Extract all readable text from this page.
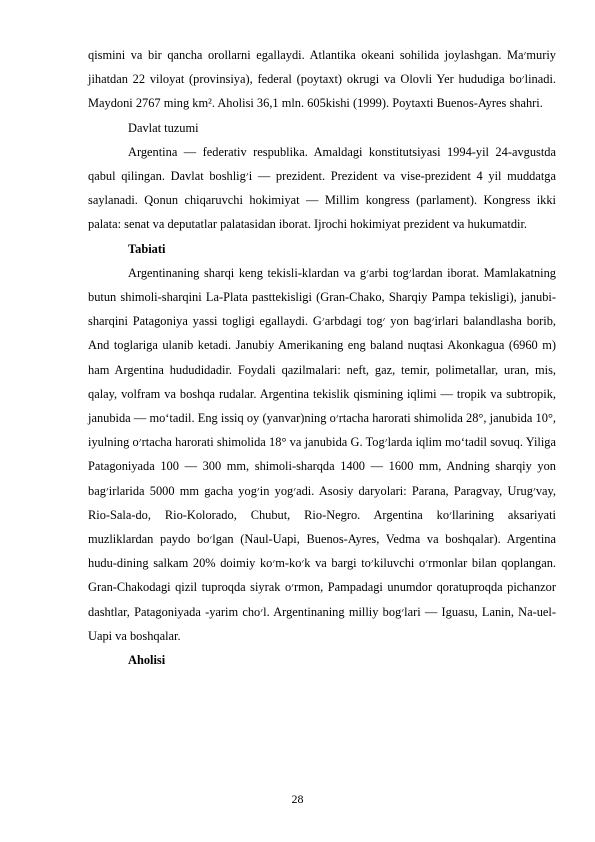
qismini va bir qancha orollarni egallaydi. Atlantika okeani sohilida joylashgan. Ma׳muriy jihatdan 22 viloyat (provinsiya), federal (poytaxt) okrugi va Olovli Yer hududiga bo׳linadi. Maydoni 2767 ming km². Aholisi 36,1 mln. 605kishi (1999). Poytaxti Buenos-Ayres shahri.

Davlat tuzumi

Argentina — federativ respublika. Amaldagi konstitutsiyasi 1994-yil 24-avgustda qabul qilingan. Davlat boshlig׳i — prezident. Prezident va vise-prezident 4 yil muddatga saylanadi. Qonun chiqaruvchi hokimiyat — Millim kongress (parlament). Kongress ikki palata: senat va deputatlar palatasidan iborat. Ijrochi hokimiyat prezident va hukumatdir.

Tabiati

Argentinaning sharqi keng tekisli-klardan va g׳arbi tog׳lardan iborat. Mamlakatning butun shimoli-sharqini La-Plata pasttekisligi (Gran-Chako, Sharqiy Pampa tekisligi), janubi-sharqini Patagoniya yassi togligi egallaydi. G׳arbdagi tog׳ yon bag׳irlari balandlasha borib, And toglariga ulanib ketadi. Janubiy Amerikaning eng baland nuqtasi Akonkagua (6960 m) ham Argentina hududidadir. Foydali qazilmalari: neft, gaz, temir, polimetallar, uran, mis, qalay, volfram va boshqa rudalar. Argentina tekislik qismining iqlimi — tropik va subtropik, janubida — mo‘tadil. Eng issiq oy (yanvar)ning o׳rtacha harorati shimolida 28°, janubida 10°, iyulning o׳rtacha harorati shimolida 18° va janubida G. Tog׳larda iqlim mo‘tadil sovuq. Yiliga Patagoniyada 100 — 300 mm, shimoli-sharqda 1400 — 1600 mm, Andning sharqiy yon bag׳irlarida 5000 mm gacha yog׳in yog׳adi. Asosiy daryolari: Parana, Paragvay, Urug׳vay, Rio-Sala-do, Rio-Kolorado, Chubut, Rio-Negro. Argentina ko׳llarining aksariyati muzliklardan paydo bo׳lgan (Naul-Uapi, Buenos-Ayres, Vedma va boshqalar). Argentina hudu-dining salkam 20% doimiy ko׳m-ko׳k va bargi to׳kiluvchi o׳rmonlar bilan qoplangan. Gran-Chakodagi qizil tuproqda siyrak o׳rmon, Pampadagi unumdor qoratuproqda pichanzor dashtlar, Patagoniyada -yarim cho׳l. Argentinaning milliy bog׳lari — Iguasu, Lanin, Na-uel-Uapi va boshqalar.

Aholisi

28
